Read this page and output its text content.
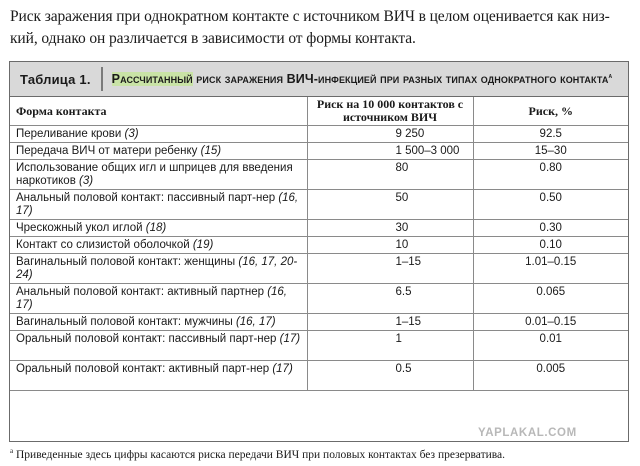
Риск заражения при однократном контакте с источником ВИЧ в целом оценивается как низ-кий, однако он различается в зависимости от формы контакта.

Таблица 1. Рассчитанный риск заражения ВИЧ-инфекцией при разных типах однократного контакта$^а$
Форма контакта	Риск на 10 000 контактов с источником ВИЧ	Риск, %
Переливание крови (3)	9 250	92.5
Передача ВИЧ от матери ребенку (15)	1 500–3 000	15–30
Использование общих игл и шприцев для введения наркотиков (3)	80	0.80
Анальный половой контакт: пассивный парт-нер (16, 17)	50	0.50
Чрескожный укол иглой (18)	30	0.30
Контакт со слизистой оболочкой (19)	10	0.10
Вагинальный половой контакт: женщины (16, 17, 20-24)	1–15	1.01–0.15
Анальный половой контакт: активный партнер (16, 17)	6.5	0.065
Вагинальный половой контакт: мужчины (16, 17)	1–15	0.01–0.15
Оральный половой контакт: пассивный парт-нер (17)	1	0.01
Оральный половой контакт: активный парт-нер (17)	0.5	0.005
$^а$ Приведенные здесь цифры касаются риска передачи ВИЧ при половых контактах без презерватива.
YAPLAKAL.COM
